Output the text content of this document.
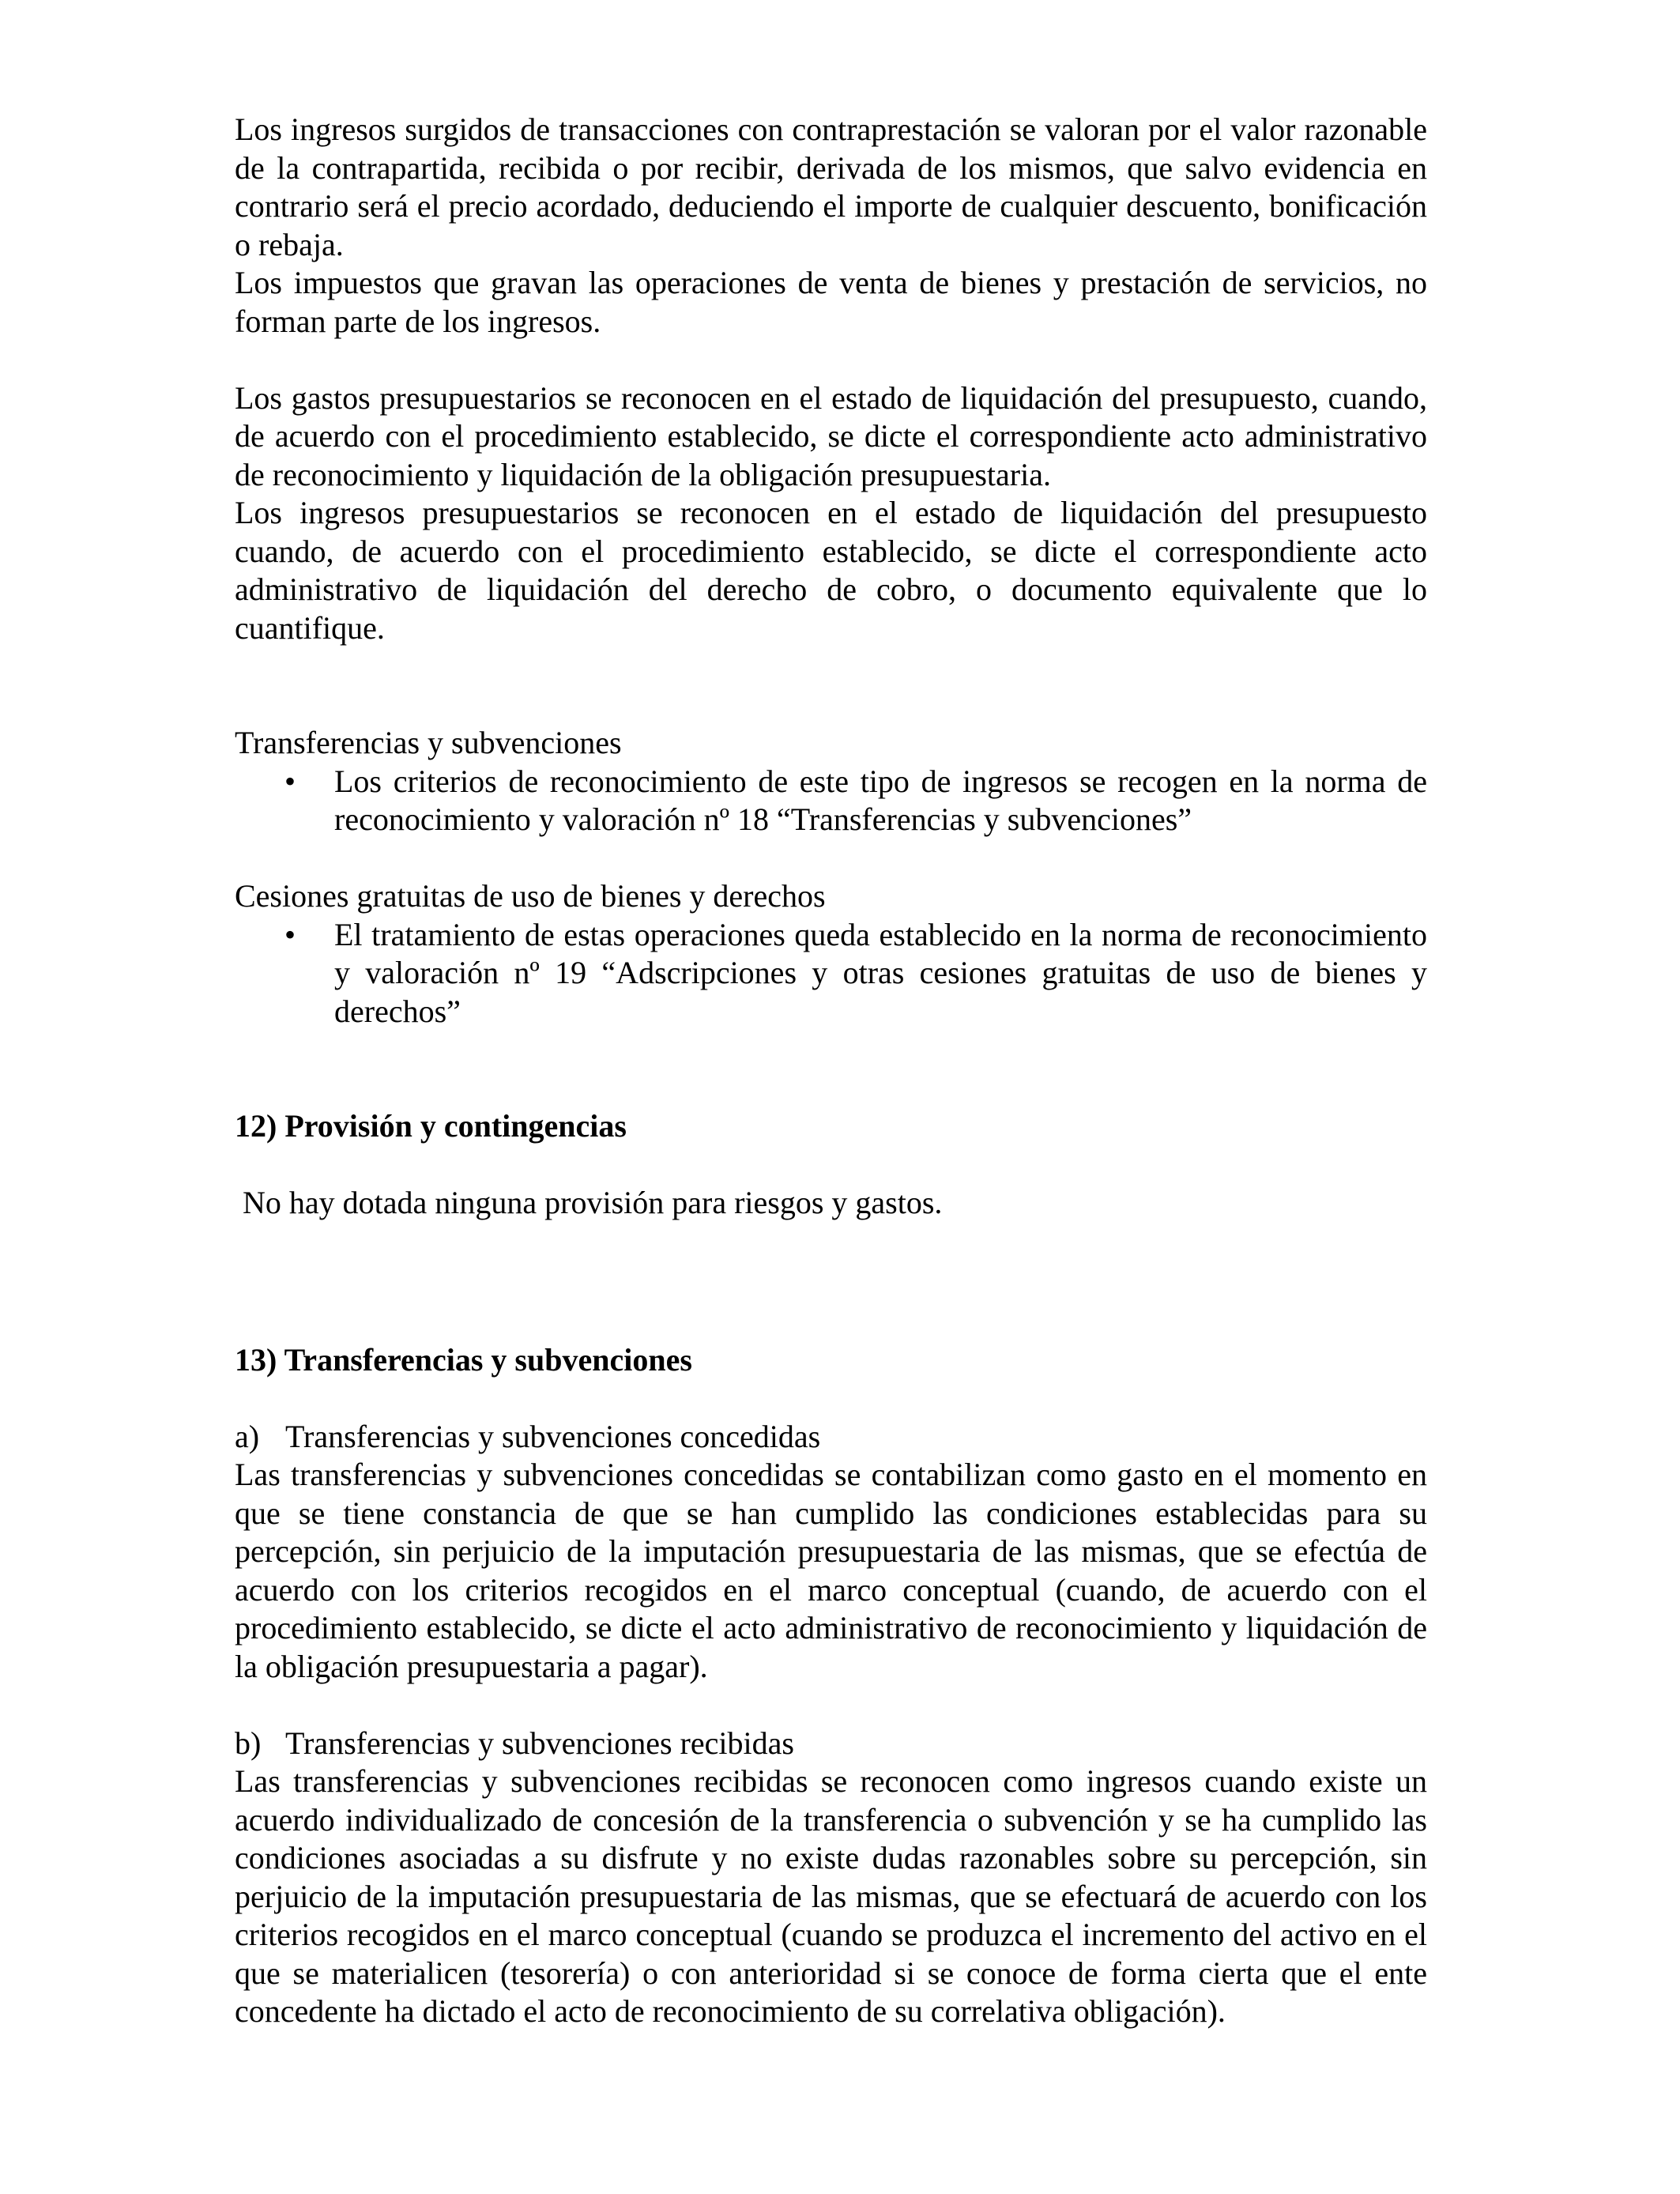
Los ingresos surgidos de transacciones con contraprestación se valoran por el valor razonable de la contrapartida, recibida o por recibir, derivada de los mismos, que salvo evidencia en contrario será el precio acordado, deduciendo el importe de cualquier descuento, bonificación o rebaja.

Los impuestos que gravan las operaciones de venta de bienes y prestación de servicios, no forman parte de los ingresos.

Los gastos presupuestarios se reconocen en el estado de liquidación del presupuesto, cuando, de acuerdo con el procedimiento establecido, se dicte el correspondiente acto administrativo de reconocimiento y liquidación de la obligación presupuestaria.

Los ingresos presupuestarios se reconocen en el estado de liquidación del presupuesto cuando, de acuerdo con el procedimiento establecido, se dicte el correspondiente acto administrativo de liquidación del derecho de cobro, o documento equivalente que lo cuantifique.

Transferencias y subvenciones

• Los criterios de reconocimiento de este tipo de ingresos se recogen en la norma de reconocimiento y valoración nº 18 “Transferencias y subvenciones”

Cesiones gratuitas de uso de bienes y derechos

• El tratamiento de estas operaciones queda establecido en la norma de reconocimiento y valoración nº 19 “Adscripciones y otras cesiones gratuitas de uso de bienes y derechos”

12) Provisión y contingencias

No hay dotada ninguna provisión para riesgos y gastos.

13) Transferencias y subvenciones

a) Transferencias y subvenciones concedidas

Las transferencias y subvenciones concedidas se contabilizan como gasto en el momento en que se tiene constancia de que se han cumplido las condiciones establecidas para su percepción, sin perjuicio de la imputación presupuestaria de las mismas, que se efectúa de acuerdo con los criterios recogidos en el marco conceptual (cuando, de acuerdo con el procedimiento establecido, se dicte el acto administrativo de reconocimiento y liquidación de la obligación presupuestaria a pagar).

b) Transferencias y subvenciones recibidas

Las transferencias y subvenciones recibidas se reconocen como ingresos cuando existe un acuerdo individualizado de concesión de la transferencia o subvención y se ha cumplido las condiciones asociadas a su disfrute y no existe dudas razonables sobre su percepción, sin perjuicio de la imputación presupuestaria de las mismas, que se efectuará de acuerdo con los criterios recogidos en el marco conceptual (cuando se produzca el incremento del activo en el que se materialicen (tesorería) o con anterioridad si se conoce de forma cierta que el ente concedente ha dictado el acto de reconocimiento de su correlativa obligación).
